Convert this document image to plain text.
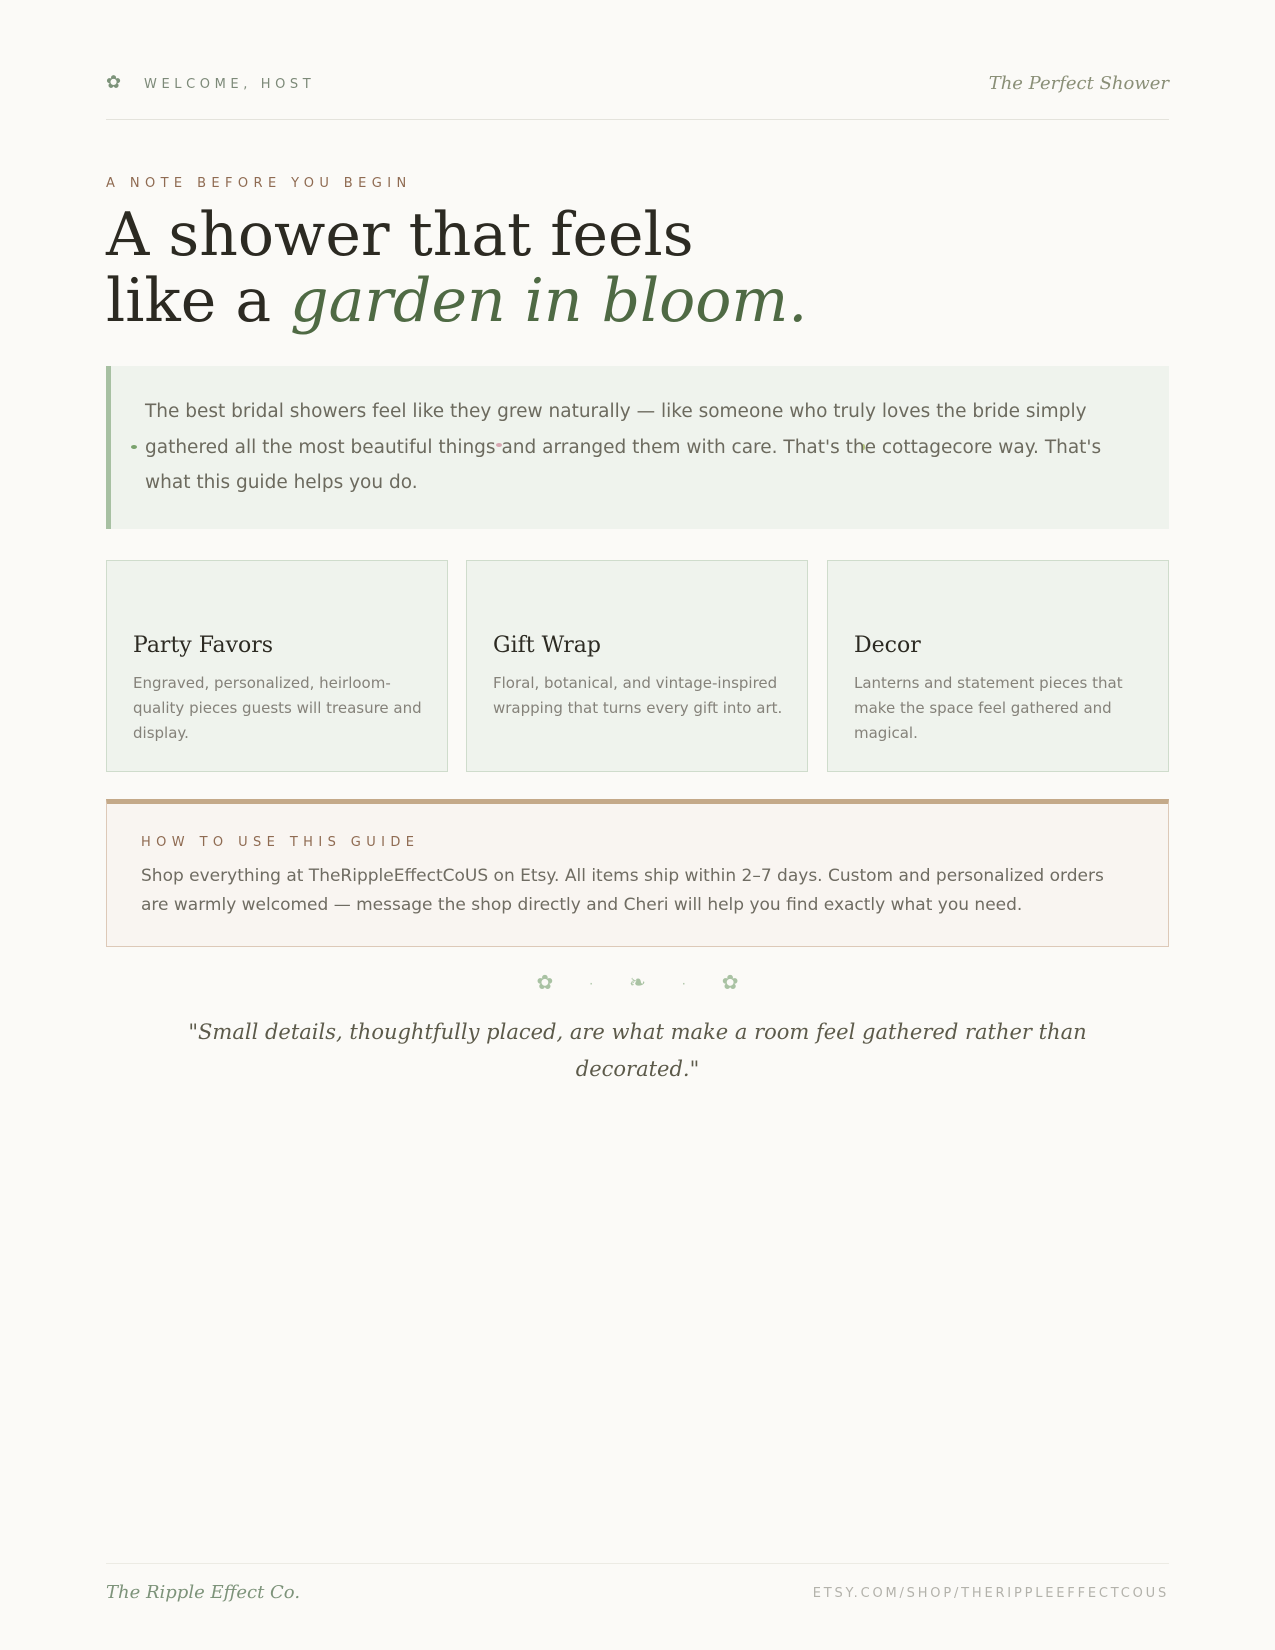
✿ WELCOME, HOST	The Perfect Shower
A NOTE BEFORE YOU BEGIN
A shower that feels
like a garden in bloom.

The best bridal showers feel like they grew naturally — like someone who truly loves the bride simply gathered all the most beautiful things and arranged them with care. That's the cottagecore way. That's what this guide helps you do.

Party Favors

Engraved, personalized, heirloom-quality pieces guests will treasure and display.

Gift Wrap

Floral, botanical, and vintage-inspired wrapping that turns every gift into art.

Decor

Lanterns and statement pieces that make the space feel gathered and magical.

HOW TO USE THIS GUIDE
Shop everything at TheRippleEffectCoUS on Etsy. All items ship within 2–7 days. Custom and personalized orders are warmly welcomed — message the shop directly and Cheri will help you find exactly what you need.
✿	· ❧	· ✿
"Small details, thoughtfully placed, are what make a room feel gathered rather than decorated."
The Ripple Effect Co.	ETSY.COM/SHOP/THERIPPLEEFFECTCOUS
